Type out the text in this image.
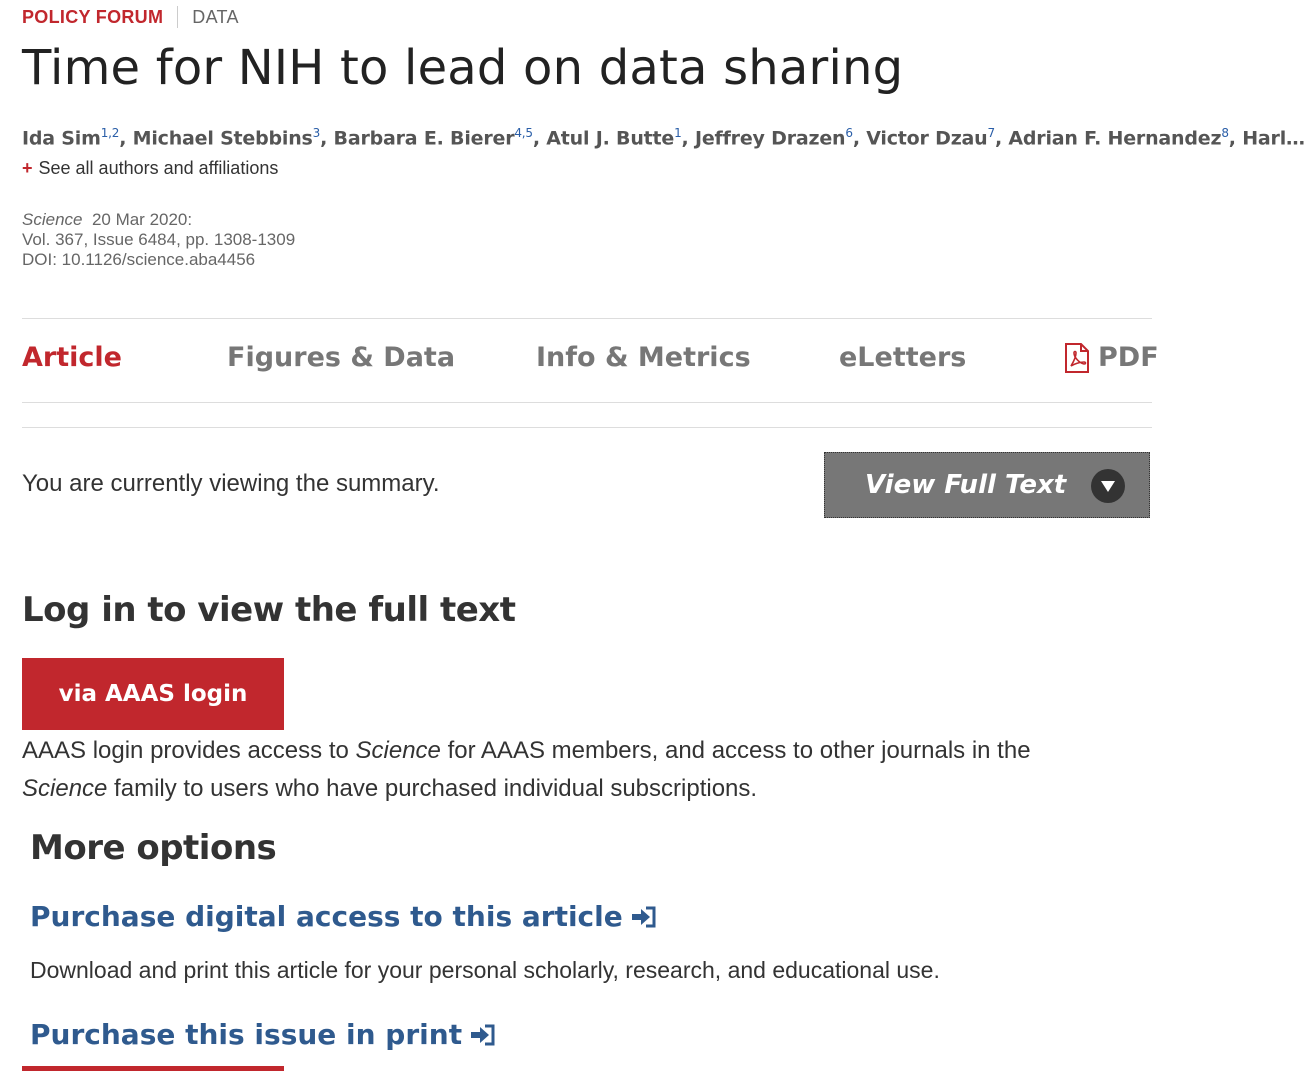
POLICY FORUM DATA
Time for NIH to lead on data sharing
Ida Sim$^{1,2}$, Michael Stebbins$^3$, Barbara E. Bierer$^{4,5}$, Atul J. Butte$^1$, Jeffrey Drazen$^6$, Victor Dzau$^7$, Adrian F. Hernandez$^8$, Harl…
+ See all authors and affiliations
Science 20 Mar 2020:
Vol. 367, Issue 6484, pp. 1308-1309
DOI: 10.1126/science.aba4456
Article	Figures & Data	Info & Metrics	eLetters	PDF
You are currently viewing the summary.	View Full Text
Log in to view the full text
via AAAS login

AAAS login provides access to Science for AAAS members, and access to other journals in the
Science family to users who have purchased individual subscriptions.

More options
Purchase digital access to this article
Download and print this article for your personal scholarly, research, and educational use.
Purchase this issue in print
